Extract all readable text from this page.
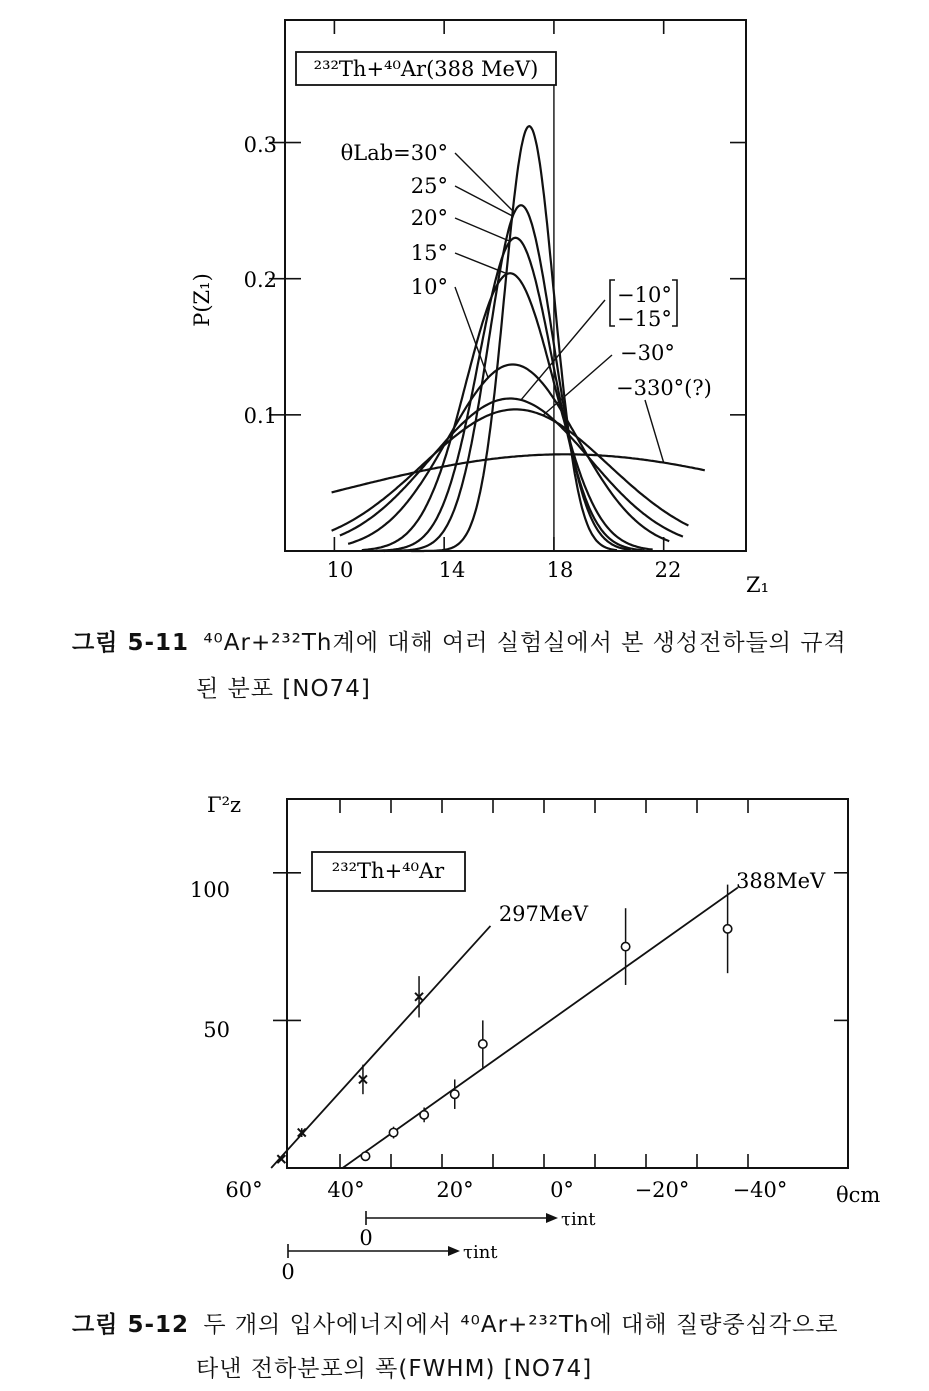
²³²Th+⁴⁰Ar(388 MeV)
Z₁
P(Z₁)
10	14	18	22
0.1
0.2
0.3	θLab=30°
25°
20°
15°
10°	−10°
−15°
−30°
−330°(?)
²³²Th+⁴⁰Ar
Γ²z
θcm
297MeV
388MeV
100
50
60°	40°	20°	0°	−20° −40°
τint
0
τint
0
그림 5-11 ⁴⁰Ar+²³²Th계에 대해 여러 실험실에서 본 생성전하들의 규격
된 분포 [NO74]
그림 5-12 두 개의 입사에너지에서 ⁴⁰Ar+²³²Th에 대해 질량중심각으로
타낸 전하분포의 폭(FWHM) [NO74]
